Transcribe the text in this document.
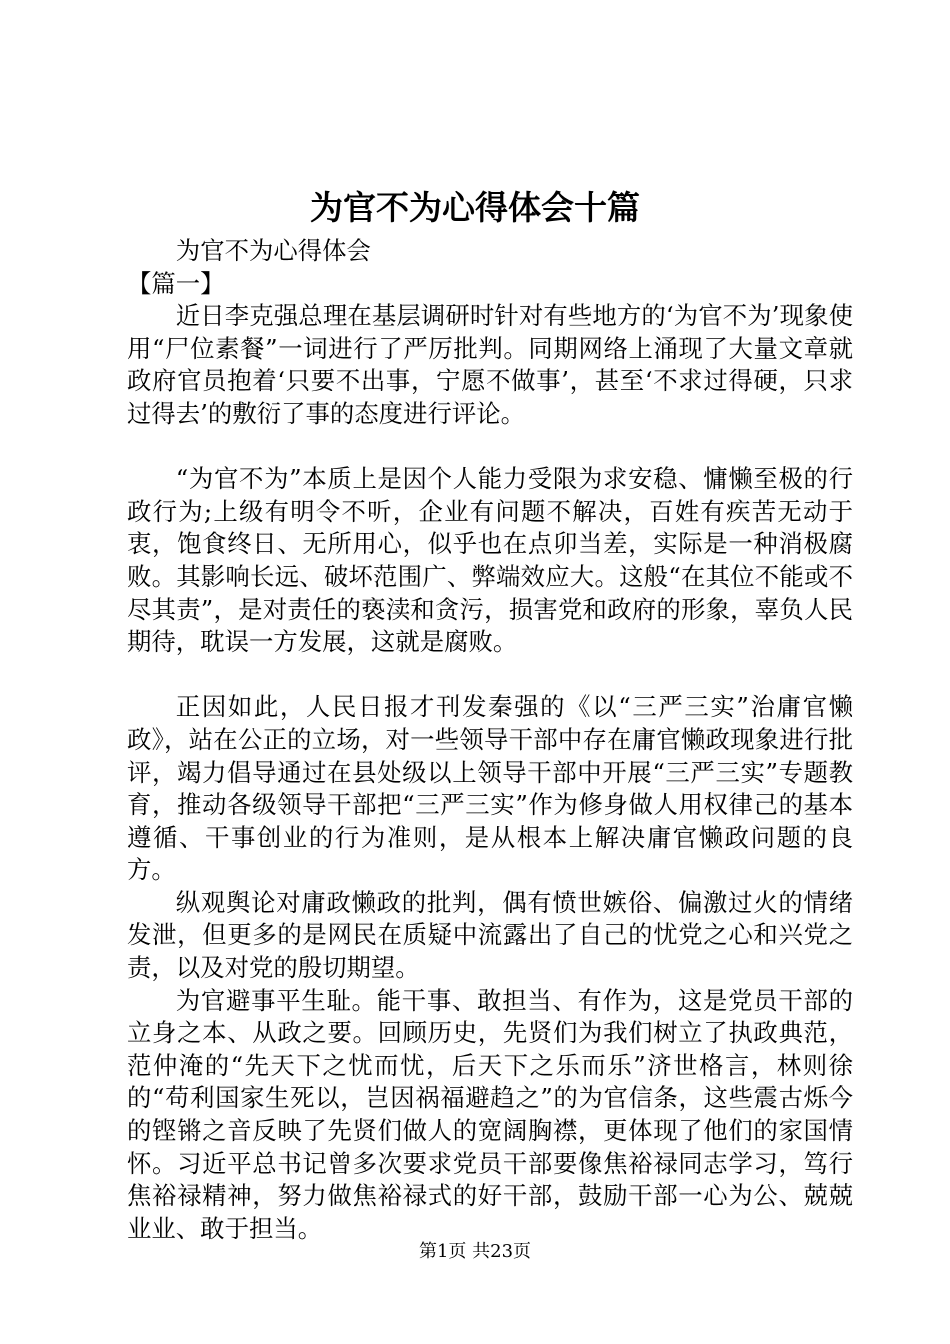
为官不为心得体会十篇

为官不为心得体会

【篇一】

近日李克强总理在基层调研时针对有些地方的‘为官不为’现象使用“尸位素餐”一词进行了严厉批判。同期网络上涌现了大量文章就政府官员抱着‘只要不出事，宁愿不做事’，甚至‘不求过得硬，只求过得去’的敷衍了事的态度进行评论。

“为官不为”本质上是因个人能力受限为求安稳、慵懒至极的行政行为;上级有明令不听，企业有问题不解决，百姓有疾苦无动于衷，饱食终日、无所用心，似乎也在点卯当差，实际是一种消极腐败。其影响长远、破坏范围广、弊端效应大。这般“在其位不能或不尽其责”，是对责任的亵渎和贪污，损害党和政府的形象，辜负人民期待，耽误一方发展，这就是腐败。

正因如此，人民日报才刊发秦强的《以“三严三实”治庸官懒政》，站在公正的立场，对一些领导干部中存在庸官懒政现象进行批评，竭力倡导通过在县处级以上领导干部中开展“三严三实”专题教育，推动各级领导干部把“三严三实”作为修身做人用权律己的基本遵循、干事创业的行为准则，是从根本上解决庸官懒政问题的良方。

纵观舆论对庸政懒政的批判，偶有愤世嫉俗、偏激过火的情绪发泄，但更多的是网民在质疑中流露出了自己的忧党之心和兴党之责，以及对党的殷切期望。

为官避事平生耻。能干事、敢担当、有作为，这是党员干部的立身之本、从政之要。回顾历史，先贤们为我们树立了执政典范，范仲淹的“先天下之忧而忧，后天下之乐而乐”济世格言，林则徐的“苟利国家生死以，岂因祸福避趋之”的为官信条，这些震古烁今的铿锵之音反映了先贤们做人的宽阔胸襟，更体现了他们的家国情怀。习近平总书记曾多次要求党员干部要像焦裕禄同志学习，笃行焦裕禄精神，努力做焦裕禄式的好干部，鼓励干部一心为公、兢兢业业、敢于担当。

第1页 共23页
